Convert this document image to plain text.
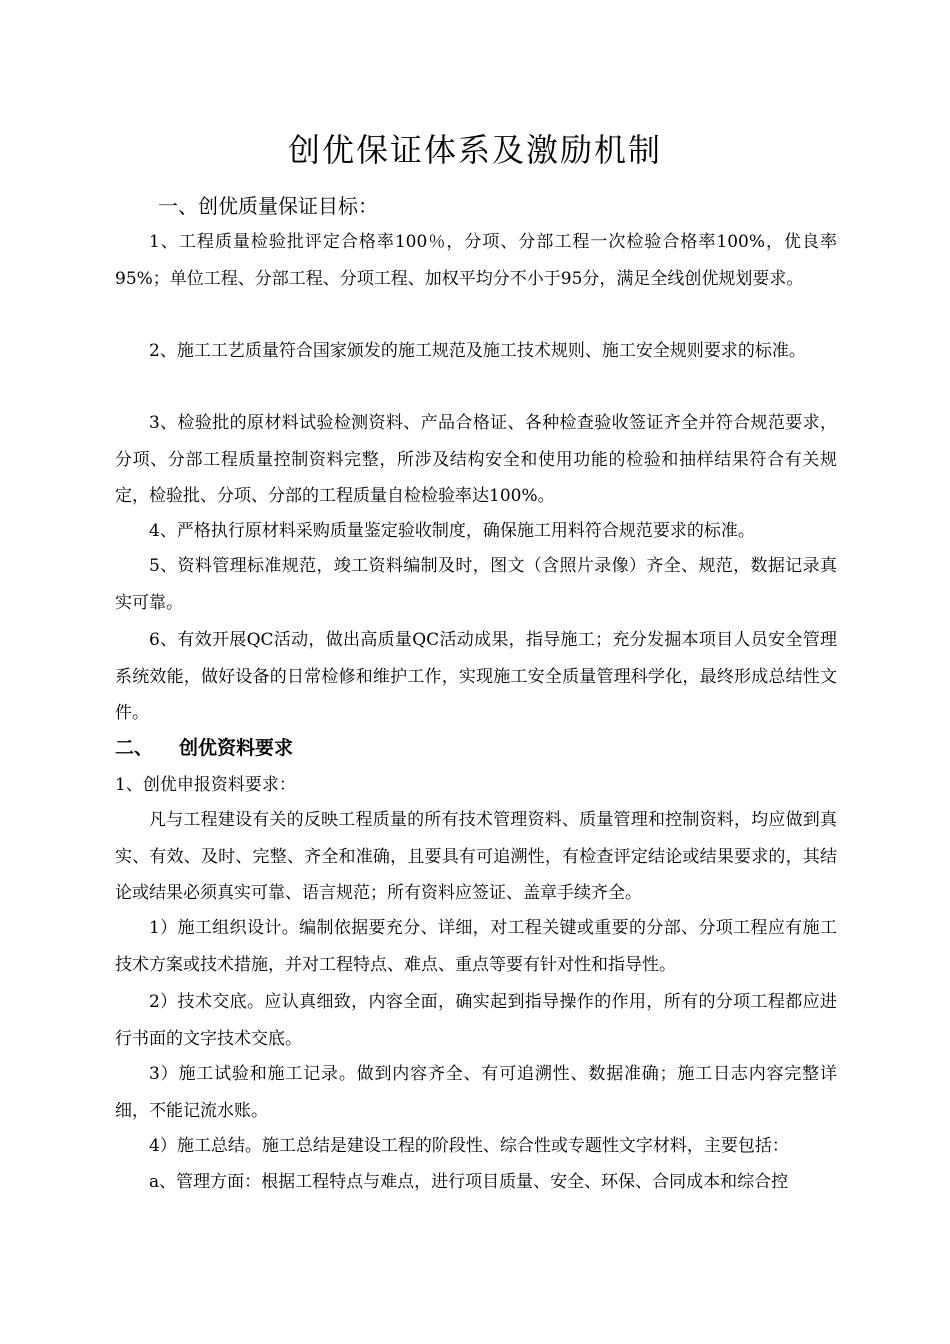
创优保证体系及激励机制
一、创优质量保证目标：

1、工程质量检验批评定合格率100％，分项、分部工程一次检验合格率100%，优良率95%；单位工程、分部工程、分项工程、加权平均分不小于95分，满足全线创优规划要求。

2、施工工艺质量符合国家颁发的施工规范及施工技术规则、施工安全规则要求的标准。

3、检验批的原材料试验检测资料、产品合格证、各种检查验收签证齐全并符合规范要求，分项、分部工程质量控制资料完整，所涉及结构安全和使用功能的检验和抽样结果符合有关规定，检验批、分项、分部的工程质量自检检验率达100%。

4、严格执行原材料采购质量鉴定验收制度，确保施工用料符合规范要求的标准。

5、资料管理标准规范，竣工资料编制及时，图文（含照片录像）齐全、规范，数据记录真实可靠。

6、有效开展QC活动，做出高质量QC活动成果，指导施工；充分发掘本项目人员安全管理系统效能，做好设备的日常检修和维护工作，实现施工安全质量管理科学化，最终形成总结性文件。

二、 创优资料要求

1、创优申报资料要求：

凡与工程建设有关的反映工程质量的所有技术管理资料、质量管理和控制资料，均应做到真实、有效、及时、完整、齐全和准确，且要具有可追溯性，有检查评定结论或结果要求的，其结论或结果必须真实可靠、语言规范；所有资料应签证、盖章手续齐全。

1）施工组织设计。编制依据要充分、详细，对工程关键或重要的分部、分项工程应有施工技术方案或技术措施，并对工程特点、难点、重点等要有针对性和指导性。

2）技术交底。应认真细致，内容全面，确实起到指导操作的作用，所有的分项工程都应进行书面的文字技术交底。

3）施工试验和施工记录。做到内容齐全、有可追溯性、数据准确；施工日志内容完整详细，不能记流水账。

4）施工总结。施工总结是建设工程的阶段性、综合性或专题性文字材料，主要包括：

a、管理方面：根据工程特点与难点，进行项目质量、安全、环保、合同成本和综合控
